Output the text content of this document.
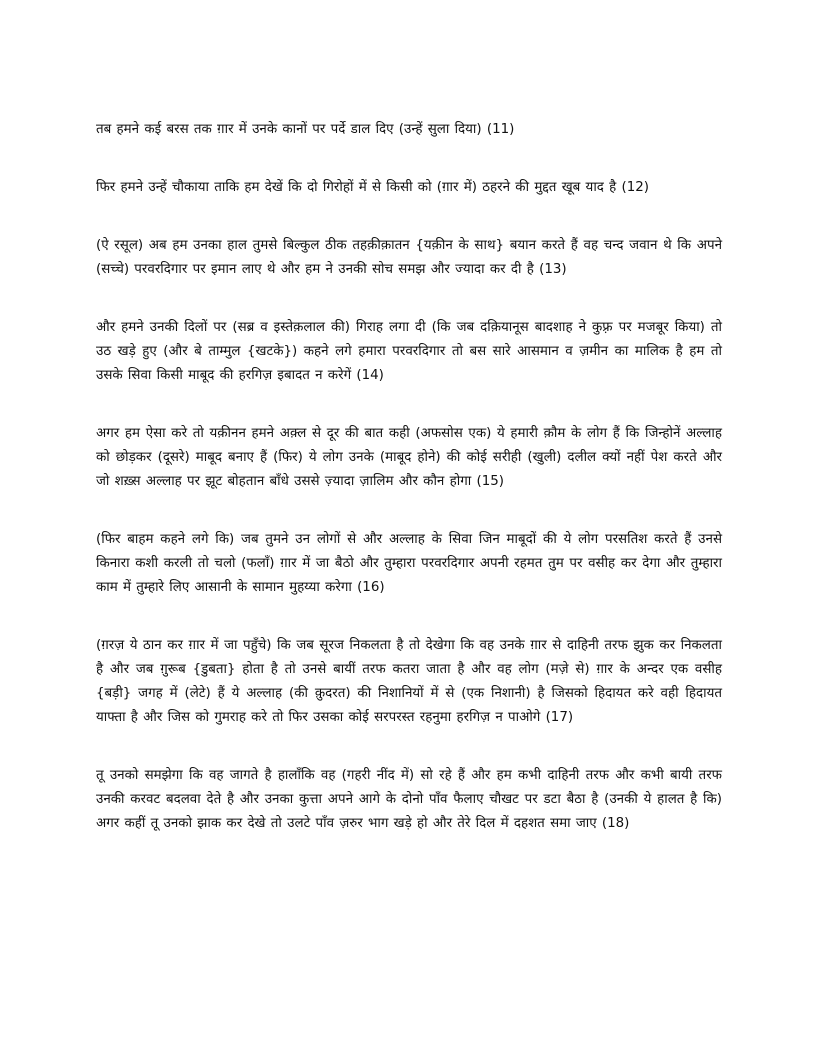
तब हमने कई बरस तक ग़ार में उनके कानों पर पर्दे डाल दिए (उन्हें सुला दिया) (11)

फिर हमने उन्हें चौकाया ताकि हम देखें कि दो गिरोहों में से किसी को (ग़ार में) ठहरने की मुद्दत खूब याद है (12)

(ऐ रसूल) अब हम उनका हाल तुमसे बिल्कुल ठीक तहक़ीक़ातन {यक़ीन के साथ} बयान करते हैं वह चन्द जवान थे कि अपने (सच्चे) परवरदिगार पर इमान लाए थे और हम ने उनकी सोच समझ और ज्यादा कर दी है (13)

और हमने उनकी दिलों पर (सब्र व इस्तेक़लाल की) गिराह लगा दी (कि जब दक़ियानूस बादशाह ने कुफ़्र पर मजबूर किया) तो उठ खड़े हुए (और बे ताम्मुल {खटके}) कहने लगे हमारा परवरदिगार तो बस सारे आसमान व ज़मीन का मालिक है हम तो उसके सिवा किसी माबूद की हरगिज़ इबादत न करेगें (14)

अगर हम ऐसा करे तो यक़ीनन हमने अक़्ल से दूर की बात कही (अफसोस एक) ये हमारी क़ौम के लोग हैं कि जिन्होनें अल्लाह को छोड़कर (दूसरे) माबूद बनाए हैं (फिर) ये लोग उनके (माबूद होने) की कोई सरीही (खुली) दलील क्यों नहीं पेश करते और जो शख़्स अल्लाह पर झूट बोहतान बाँधे उससे ज़्यादा ज़ालिम और कौन होगा (15)

(फिर बाहम कहने लगे कि) जब तुमने उन लोगों से और अल्लाह के सिवा जिन माबूदों की ये लोग परसतिश करते हैं उनसे किनारा कशी करली तो चलो (फलाँ) ग़ार में जा बैठो और तुम्हारा परवरदिगार अपनी रहमत तुम पर वसीह कर देगा और तुम्हारा काम में तुम्हारे लिए आसानी के सामान मुहय्या करेगा (16)

(ग़रज़ ये ठान कर ग़ार में जा पहुँचे) कि जब सूरज निकलता है तो देखेगा कि वह उनके ग़ार से दाहिनी तरफ झुक कर निकलता है और जब ग़ुरूब {डुबता} होता है तो उनसे बायीं तरफ कतरा जाता है और वह लोग (मज़े से) ग़ार के अन्दर एक वसीह {बड़ी} जगह में (लेटे) हैं ये अल्लाह (की क़ुदरत) की निशानियों में से (एक निशानी) है जिसको हिदायत करे वही हिदायत याफ्ता है और जिस को गुमराह करे तो फिर उसका कोई सरपरस्त रहनुमा हरगिज़ न पाओगे (17)

तू उनको समझेगा कि वह जागते है हालाँकि वह (गहरी नींद में) सो रहे हैं और हम कभी दाहिनी तरफ और कभी बायी तरफ उनकी करवट बदलवा देते है और उनका कुत्ता अपने आगे के दोनो पाँव फैलाए चौखट पर डटा बैठा है (उनकी ये हालत है कि) अगर कहीं तू उनको झाक कर देखे तो उलटे पाँव ज़रुर भाग खड़े हो और तेरे दिल में दहशत समा जाए (18)
